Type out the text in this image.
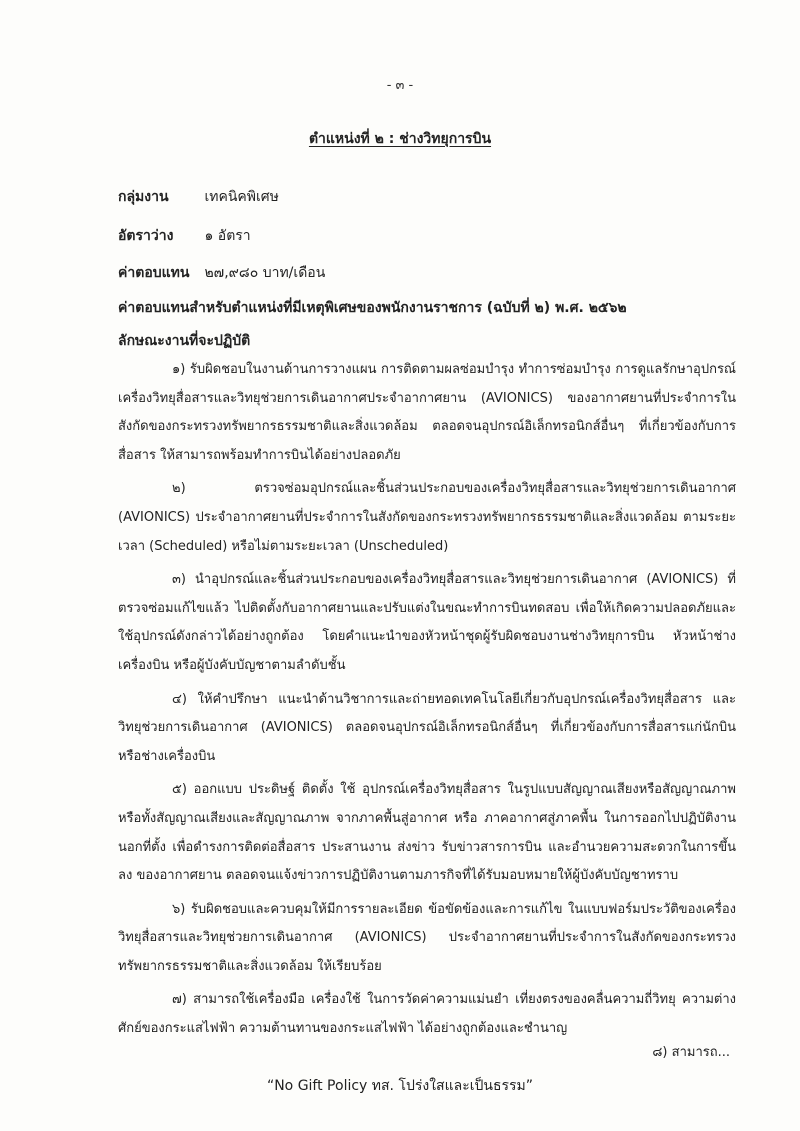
- ๓ -
ตำแหน่งที่ ๒ : ช่างวิทยุการบิน
กลุ่มงาน	เทคนิคพิเศษ
อัตราว่าง ๑ อัตรา
ค่าตอบแทน ๒๗,๙๘๐ บาท/เดือน
ค่าตอบแทนสำหรับตำแหน่งที่มีเหตุพิเศษของพนักงานราชการ (ฉบับที่ ๒) พ.ศ. ๒๕๖๒
ลักษณะงานที่จะปฏิบัติ

๑) รับผิดชอบในงานด้านการวางแผน การติดตามผลซ่อมบำรุง ทำการซ่อมบำรุง การดูแลรักษาอุปกรณ์เครื่องวิทยุสื่อสารและวิทยุช่วยการเดินอากาศประจำอากาศยาน (AVIONICS) ของอากาศยานที่ประจำการในสังกัดของกระทรวงทรัพยากรธรรมชาติและสิ่งแวดล้อม ตลอดจนอุปกรณ์อิเล็กทรอนิกส์อื่นๆ ที่เกี่ยวข้องกับการสื่อสาร ให้สามารถพร้อมทำการบินได้อย่างปลอดภัย

๒) ตรวจซ่อมอุปกรณ์และชิ้นส่วนประกอบของเครื่องวิทยุสื่อสารและวิทยุช่วยการเดินอากาศ (AVIONICS) ประจำอากาศยานที่ประจำการในสังกัดของกระทรวงทรัพยากรธรรมชาติและสิ่งแวดล้อม ตามระยะเวลา (Scheduled) หรือไม่ตามระยะเวลา (Unscheduled)

๓) นำอุปกรณ์และชิ้นส่วนประกอบของเครื่องวิทยุสื่อสารและวิทยุช่วยการเดินอากาศ (AVIONICS) ที่ตรวจซ่อมแก้ไขแล้ว ไปติดตั้งกับอากาศยานและปรับแต่งในขณะทำการบินทดสอบ เพื่อให้เกิดความปลอดภัยและใช้อุปกรณ์ดังกล่าวได้อย่างถูกต้อง โดยคำแนะนำของหัวหน้าชุดผู้รับผิดชอบงานช่างวิทยุการบิน หัวหน้าช่างเครื่องบิน หรือผู้บังคับบัญชาตามลำดับชั้น

๔) ให้คำปรึกษา แนะนำด้านวิชาการและถ่ายทอดเทคโนโลยีเกี่ยวกับอุปกรณ์เครื่องวิทยุสื่อสาร และวิทยุช่วยการเดินอากาศ (AVIONICS) ตลอดจนอุปกรณ์อิเล็กทรอนิกส์อื่นๆ ที่เกี่ยวข้องกับการสื่อสารแก่นักบิน หรือช่างเครื่องบิน

๕) ออกแบบ ประดิษฐ์ ติดตั้ง ใช้ อุปกรณ์เครื่องวิทยุสื่อสาร ในรูปแบบสัญญาณเสียงหรือสัญญาณภาพ หรือทั้งสัญญาณเสียงและสัญญาณภาพ จากภาคพื้นสู่อากาศ หรือ ภาคอากาศสู่ภาคพื้น ในการออกไปปฏิบัติงานนอกที่ตั้ง เพื่อดำรงการติดต่อสื่อสาร ประสานงาน ส่งข่าว รับข่าวสารการบิน และอำนวยความสะดวกในการขึ้น ลง ของอากาศยาน ตลอดจนแจ้งข่าวการปฏิบัติงานตามภารกิจที่ได้รับมอบหมายให้ผู้บังคับบัญชาทราบ

๖) รับผิดชอบและควบคุมให้มีการรายละเอียด ข้อขัดข้องและการแก้ไข ในแบบฟอร์มประวัติของเครื่องวิทยุสื่อสารและวิทยุช่วยการเดินอากาศ (AVIONICS) ประจำอากาศยานที่ประจำการในสังกัดของกระทรวงทรัพยากรธรรมชาติและสิ่งแวดล้อม ให้เรียบร้อย

๗) สามารถใช้เครื่องมือ เครื่องใช้ ในการวัดค่าความแม่นยำ เที่ยงตรงของคลื่นความถี่วิทยุ ความต่างศักย์ของกระแสไฟฟ้า ความต้านทานของกระแสไฟฟ้า ได้อย่างถูกต้องและชำนาญ

๘) สามารถ...
“No Gift Policy ทส. โปร่งใสและเป็นธรรม”
